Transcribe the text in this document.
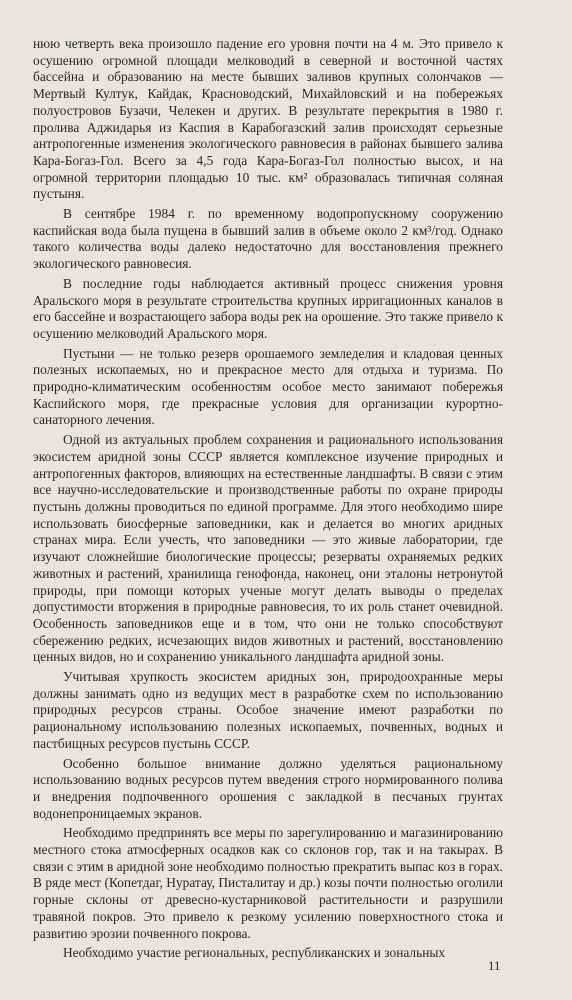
нюю четверть века произошло падение его уровня почти на 4 м. Это привело к осушению огромной площади мелководий в северной и восточной частях бассейна и образованию на месте бывших заливов крупных солончаков — Мертвый Култук, Кайдак, Красноводский, Михайловский и на побережьях полуостровов Бузачи, Челекен и других. В результате перекрытия в 1980 г. пролива Аджидарья из Каспия в Карабогазский залив происходят серьезные антропогенные изменения экологического равновесия в районах бывшего залива Кара-Богаз-Гол. Всего за 4,5 года Кара-Богаз-Гол полностью высох, и на огромной территории площадью 10 тыс. км² образовалась типичная соляная пустыня.

В сентябре 1984 г. по временному водопропускному сооружению каспийская вода была пущена в бывший залив в объеме около 2 км³/год. Однако такого количества воды далеко недостаточно для восстановления прежнего экологического равновесия.

В последние годы наблюдается активный процесс снижения уровня Аральского моря в результате строительства крупных ирригационных каналов в его бассейне и возрастающего забора воды рек на орошение. Это также привело к осушению мелководий Аральского моря.

Пустыни — не только резерв орошаемого земледелия и кладовая ценных полезных ископаемых, но и прекрасное место для отдыха и туризма. По природно-климатическим особенностям особое место занимают побережья Каспийского моря, где прекрасные условия для организации курортно-санаторного лечения.

Одной из актуальных проблем сохранения и рационального использования экосистем аридной зоны СССР является комплексное изучение природных и антропогенных факторов, влияющих на естественные ландшафты. В связи с этим все научно-исследовательские и производственные работы по охране природы пустынь должны проводиться по единой программе. Для этого необходимо шире использовать биосферные заповедники, как и делается во многих аридных странах мира. Если учесть, что заповедники — это живые лаборатории, где изучают сложнейшие биологические процессы; резерваты охраняемых редких животных и растений, хранилища генофонда, наконец, они эталоны нетронутой природы, при помощи которых ученые могут делать выводы о пределах допустимости вторжения в природные равновесия, то их роль станет очевидной. Особенность заповедников еще и в том, что они не только способствуют сбережению редких, исчезающих видов животных и растений, восстановлению ценных видов, но и сохранению уникального ландшафта аридной зоны.

Учитывая хрупкость экосистем аридных зон, природоохранные меры должны занимать одно из ведущих мест в разработке схем по использованию природных ресурсов страны. Особое значение имеют разработки по рациональному использованию полезных ископаемых, почвенных, водных и пастбищных ресурсов пустынь СССР.

Особенно большое внимание должно уделяться рациональному использованию водных ресурсов путем введения строго нормированного полива и внедрения подпочвенного орошения с закладкой в песчаных грунтах водонепроницаемых экранов.

Необходимо предпринять все меры по зарегулированию и магазинированию местного стока атмосферных осадков как со склонов гор, так и на такырах. В связи с этим в аридной зоне необходимо полностью прекратить выпас коз в горах. В ряде мест (Копетдаг, Нуратау, Писталитау и др.) козы почти полностью оголили горные склоны от древесно-кустарниковой растительности и разрушили травяной покров. Это привело к резкому усилению поверхностного стока и развитию эрозии почвенного покрова.

Необходимо участие региональных, республиканских и зональных

11
